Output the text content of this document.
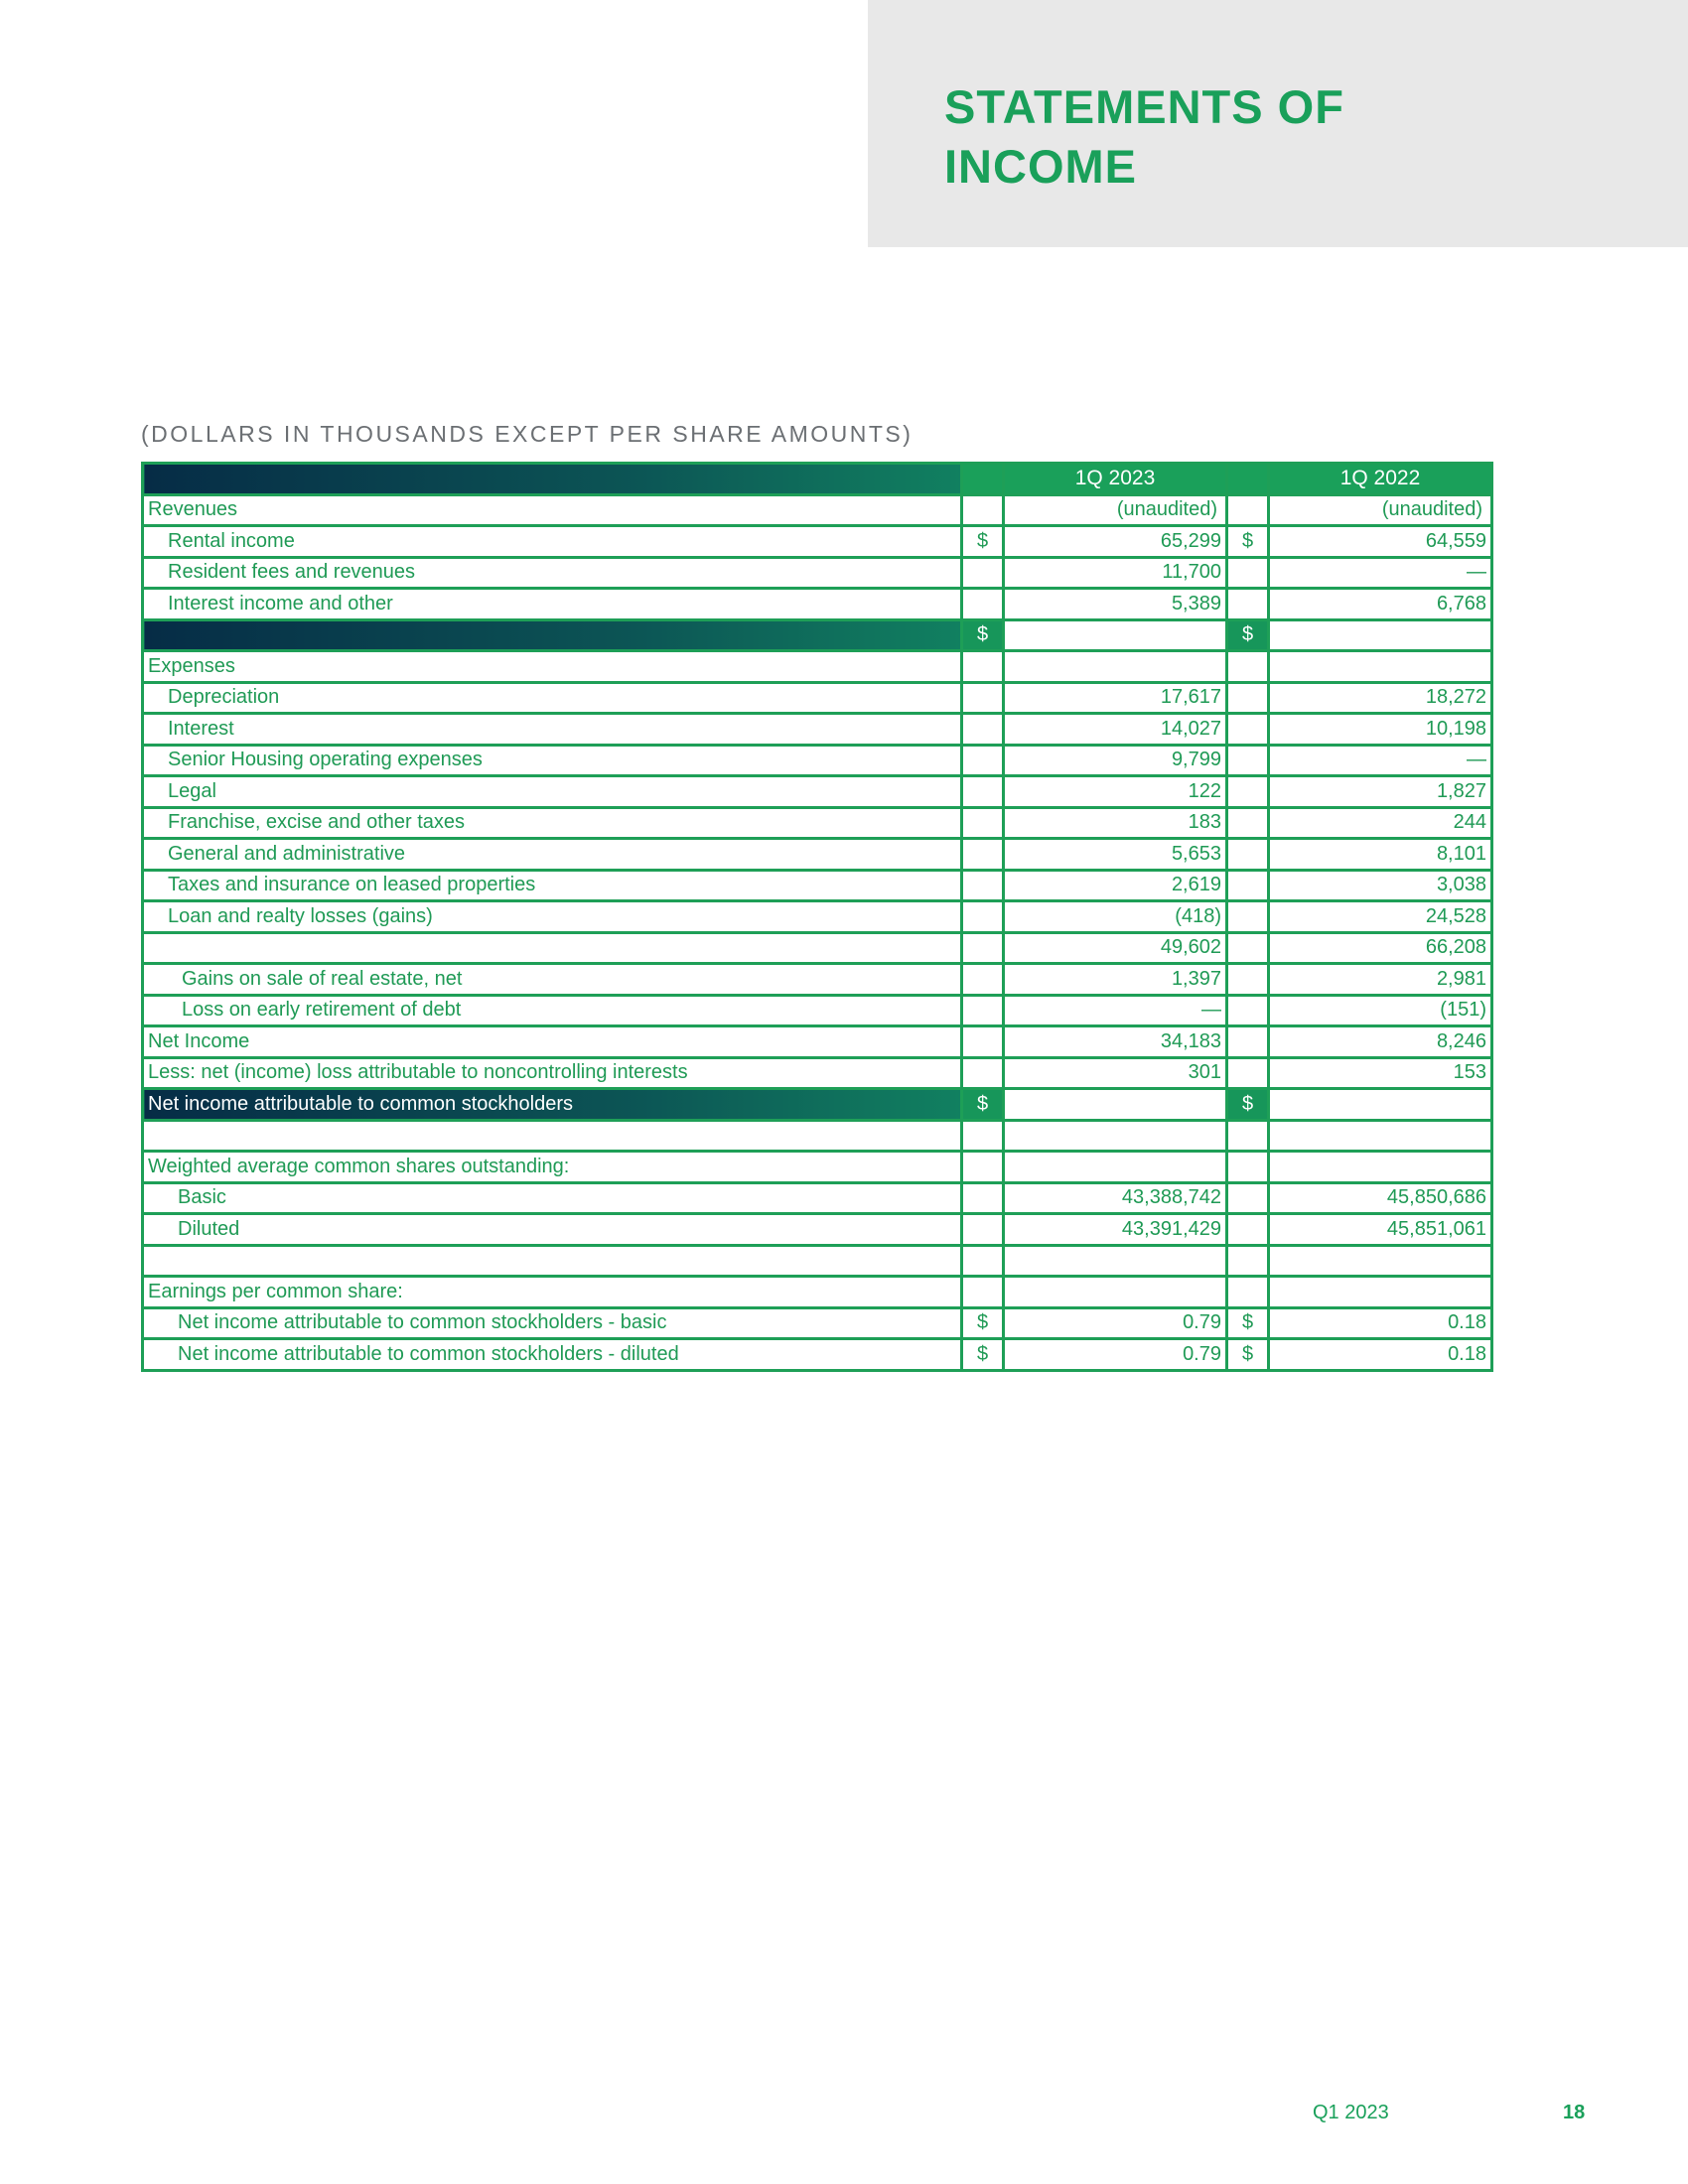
STATEMENTS OF
INCOME
(DOLLARS IN THOUSANDS EXCEPT PER SHARE AMOUNTS)
		1Q 2023		1Q 2022
Revenues		(unaudited)		(unaudited)
Rental income	$	65,299	$	64,559
Resident fees and revenues		11,700		—
Interest income and other		5,389		6,768
	$	82,388	$	71,327
Expenses				
Depreciation		17,617		18,272
Interest		14,027		10,198
Senior Housing operating expenses		9,799		—
Legal		122		1,827
Franchise, excise and other taxes		183		244
General and administrative		5,653		8,101
Taxes and insurance on leased properties		2,619		3,038
Loan and realty losses (gains)		(418)		24,528
		49,602		66,208
Gains on sale of real estate, net		1,397		2,981
Loss on early retirement of debt		—		(151)
Net Income		34,183		8,246
Less: net (income) loss attributable to noncontrolling interests		301		153
Net income attributable to common stockholders	$	34,484	$	8,399

Weighted average common shares outstanding:				
Basic		43,388,742		45,850,686
Diluted		43,391,429		45,851,061

Earnings per common share:				
Net income attributable to common stockholders - basic	$	0.79	$	0.18
Net income attributable to common stockholders - diluted	$	0.79	$	0.18
Q1 2023	18
